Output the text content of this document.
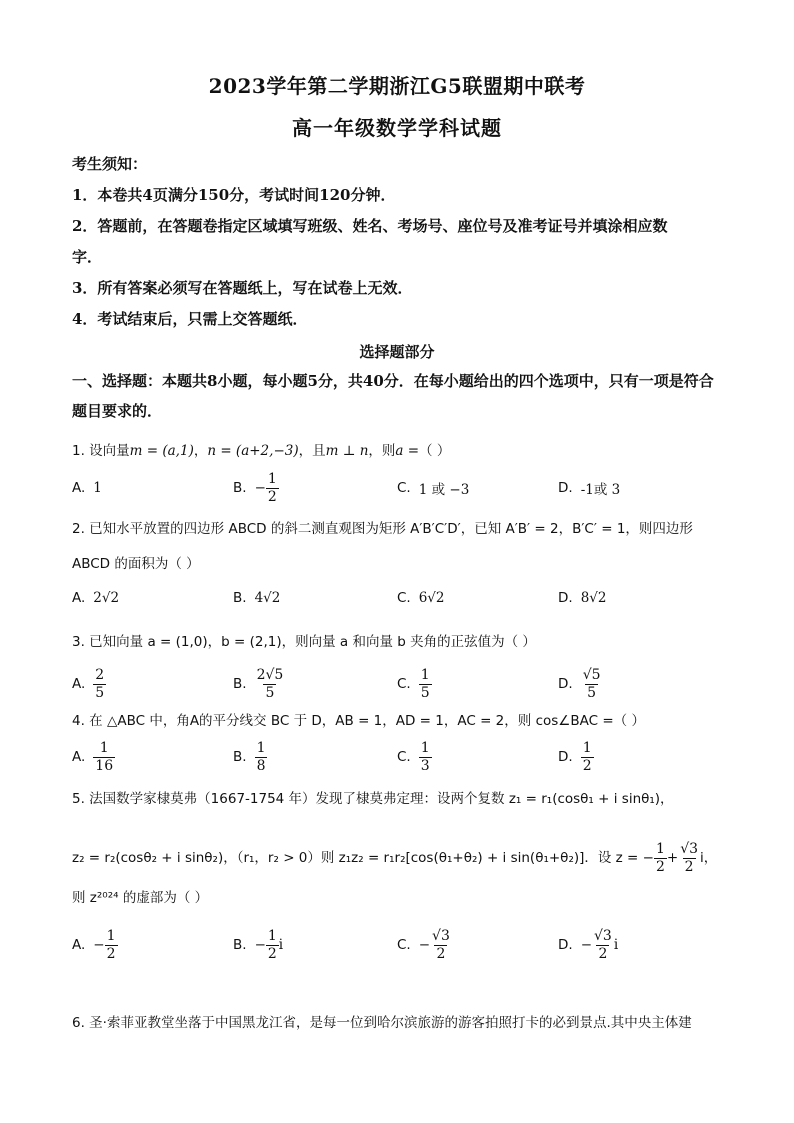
2023学年第二学期浙江G5联盟期中联考
高一年级数学学科试题
考生须知：
1．本卷共4页满分150分，考试时间120分钟．
2．答题前，在答题卷指定区域填写班级、姓名、考场号、座位号及准考证号并填涂相应数
字．
3．所有答案必须写在答题纸上，写在试卷上无效．
4．考试结束后，只需上交答题纸．
选择题部分
一、选择题：本题共8小题，每小题5分，共40分．在每小题给出的四个选项中，只有一项是符合题目要求的．
1. 设向量m = (a,1)，n = (a+2,−3)，且m ⊥ n，则a =（ ）
A. 1	B. − $\frac{1}{2}$	C. 1 或 −3	D. -1或 3
2. 已知水平放置的四边形 ABCD 的斜二测直观图为矩形 A′B′C′D′，已知 A′B′ = 2，B′C′ = 1，则四边形
ABCD 的面积为（ ）
A. 2√2	B. 4√2	C. 6√2	D. 8√2
3. 已知向量 a = (1,0)，b = (2,1)，则向量 a 和向量 b 夹角的正弦值为（ ）
A. $\frac{2}{5}$	B. $\frac{2√5}{5}$	C. $\frac{1}{5}$	D. $\frac{√5}{5}$
4. 在 △ABC 中，角A的平分线交 BC 于 D，AB = 1，AD = 1，AC = 2，则 cos∠BAC =（ ）
A. $\frac{1}{16}$	B. $\frac{1}{8}$	C. $\frac{1}{3}$	D. $\frac{1}{2}$
5. 法国数学家棣莫弗（1667-1754 年）发现了棣莫弗定理：设两个复数 z₁ = r₁(cosθ₁ + i sinθ₁)，
z₂ = r₂(cosθ₂ + i sinθ₂)，（r₁，r₂ > 0）则 z₁z₂ = r₁r₂[cos(θ₁+θ₂) + i sin(θ₁+θ₂)]．设 z = − $\frac{1}{2} + \frac{√3}{2}$ i，
则 z²⁰²⁴ 的虚部为（ ）
A. − $\frac{1}{2}$	B. − $\frac{1}{2}$ i	C. − $\frac{√3}{2}$	D. − $\frac{√3}{2}$ i
6. 圣·索菲亚教堂坐落于中国黑龙江省，是每一位到哈尔滨旅游的游客拍照打卡的必到景点.其中央主体建
